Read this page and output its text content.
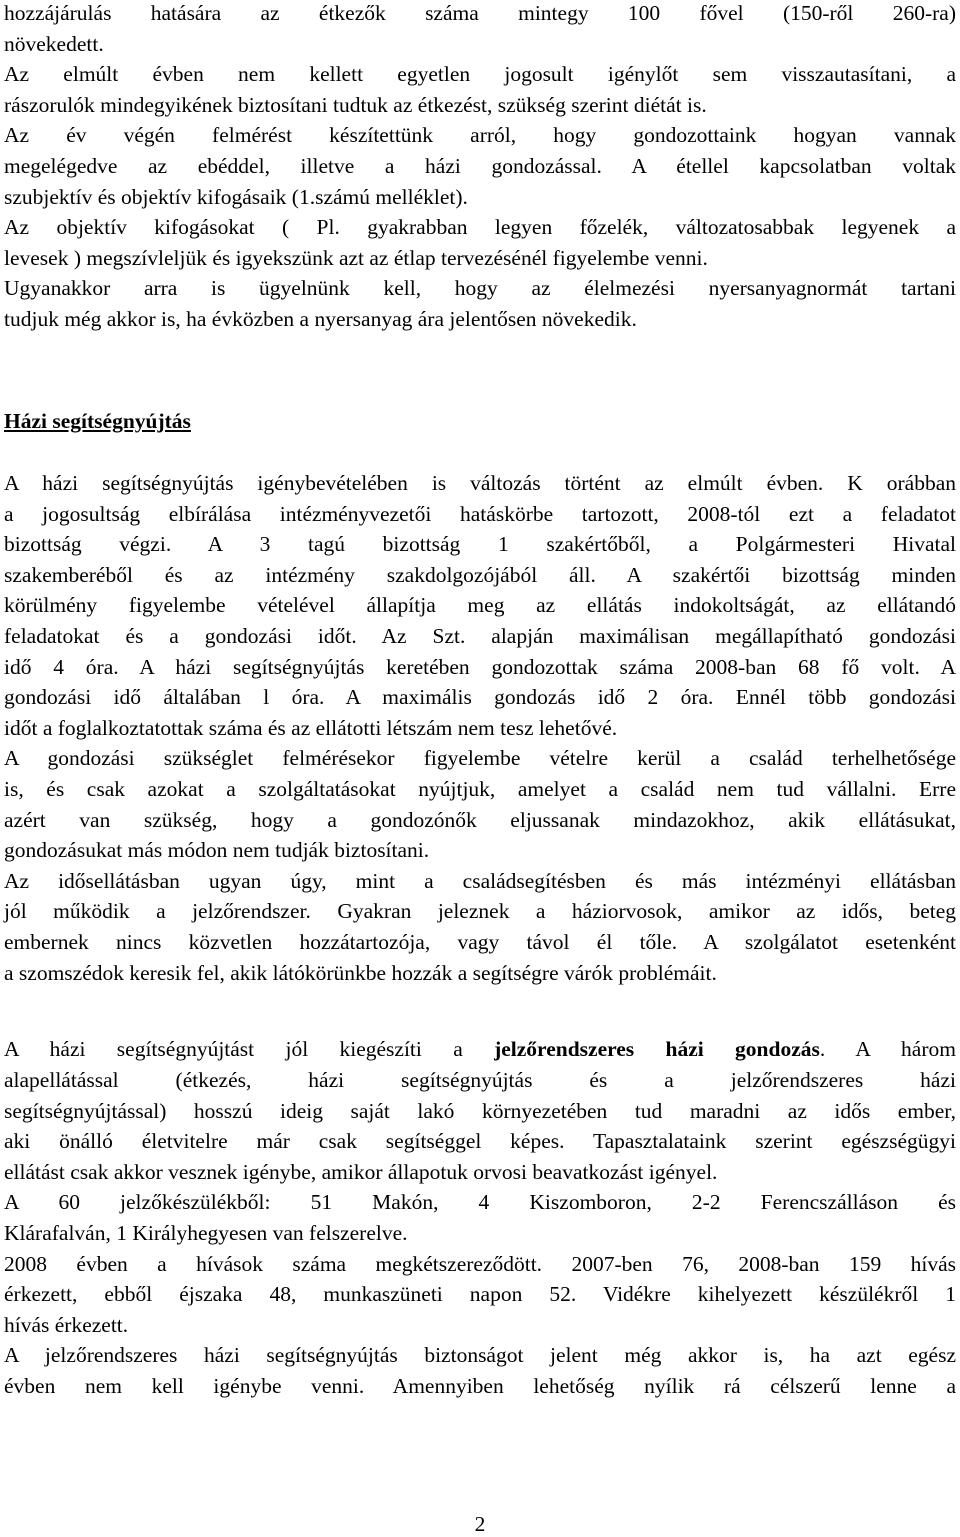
hozzájárulás hatására az étkezők száma mintegy 100 fővel (150-ről 260-ra)
növekedett.
Az elmúlt évben nem kellett egyetlen jogosult igénylőt sem visszautasítani, a
rászorulók mindegyikének biztosítani tudtuk az étkezést, szükség szerint diétát is.
Az év végén felmérést készítettünk arról, hogy gondozottaink hogyan vannak
megelégedve az ebéddel, illetve a házi gondozással. A étellel kapcsolatban voltak
szubjektív és objektív kifogásaik (1.számú melléklet).
Az objektív kifogásokat ( Pl. gyakrabban legyen főzelék, változatosabbak legyenek a
levesek ) megszívleljük és igyekszünk azt az étlap tervezésénél figyelembe venni.
Ugyanakkor arra is ügyelnünk kell, hogy az élelmezési nyersanyagnormát tartani
tudjuk még akkor is, ha évközben a nyersanyag ára jelentősen növekedik.
Házi segítségnyújtás
A házi segítségnyújtás igénybevételében is változás történt az elmúlt évben. K orábban
a jogosultság elbírálása intézményvezetői hatáskörbe tartozott, 2008-tól ezt a feladatot
bizottság végzi. A 3 tagú bizottság 1 szakértőből, a Polgármesteri Hivatal
szakemberéből és az intézmény szakdolgozójából áll. A szakértői bizottság minden
körülmény figyelembe vételével állapítja meg az ellátás indokoltságát, az ellátandó
feladatokat és a gondozási időt. Az Szt. alapján maximálisan megállapítható gondozási
idő 4 óra. A házi segítségnyújtás keretében gondozottak száma 2008-ban 68 fő volt. A
gondozási idő általában l óra. A maximális gondozás idő 2 óra. Ennél több gondozási
időt a foglalkoztatottak száma és az ellátotti létszám nem tesz lehetővé.
A gondozási szükséglet felmérésekor figyelembe vételre kerül a család terhelhetősége
is, és csak azokat a szolgáltatásokat nyújtjuk, amelyet a család nem tud vállalni. Erre
azért van szükség, hogy a gondozónők eljussanak mindazokhoz, akik ellátásukat,
gondozásukat más módon nem tudják biztosítani.
Az idősellátásban ugyan úgy, mint a családsegítésben és más intézményi ellátásban
jól működik a jelzőrendszer. Gyakran jeleznek a háziorvosok, amikor az idős, beteg
embernek nincs közvetlen hozzátartozója, vagy távol él tőle. A szolgálatot esetenként
a szomszédok keresik fel, akik látókörünkbe hozzák a segítségre várók problémáit.
A házi segítségnyújtást jól kiegészíti a jelzőrendszeres házi gondozás. A három
alapellátással (étkezés, házi segítségnyújtás és a jelzőrendszeres házi
segítségnyújtással) hosszú ideig saját lakó környezetében tud maradni az idős ember,
aki önálló életvitelre már csak segítséggel képes. Tapasztalataink szerint egészségügyi
ellátást csak akkor vesznek igénybe, amikor állapotuk orvosi beavatkozást igényel.
A 60 jelzőkészülékből: 51 Makón, 4 Kiszomboron, 2-2 Ferencszálláson és
Klárafalván, 1 Királyhegyesen van felszerelve.
2008 évben a hívások száma megkétszereződött. 2007-ben 76, 2008-ban 159 hívás
érkezett, ebből éjszaka 48, munkaszüneti napon 52. Vidékre kihelyezett készülékről 1
hívás érkezett.
A jelzőrendszeres házi segítségnyújtás biztonságot jelent még akkor is, ha azt egész
évben nem kell igénybe venni. Amennyiben lehetőség nyílik rá célszerű lenne a
2
